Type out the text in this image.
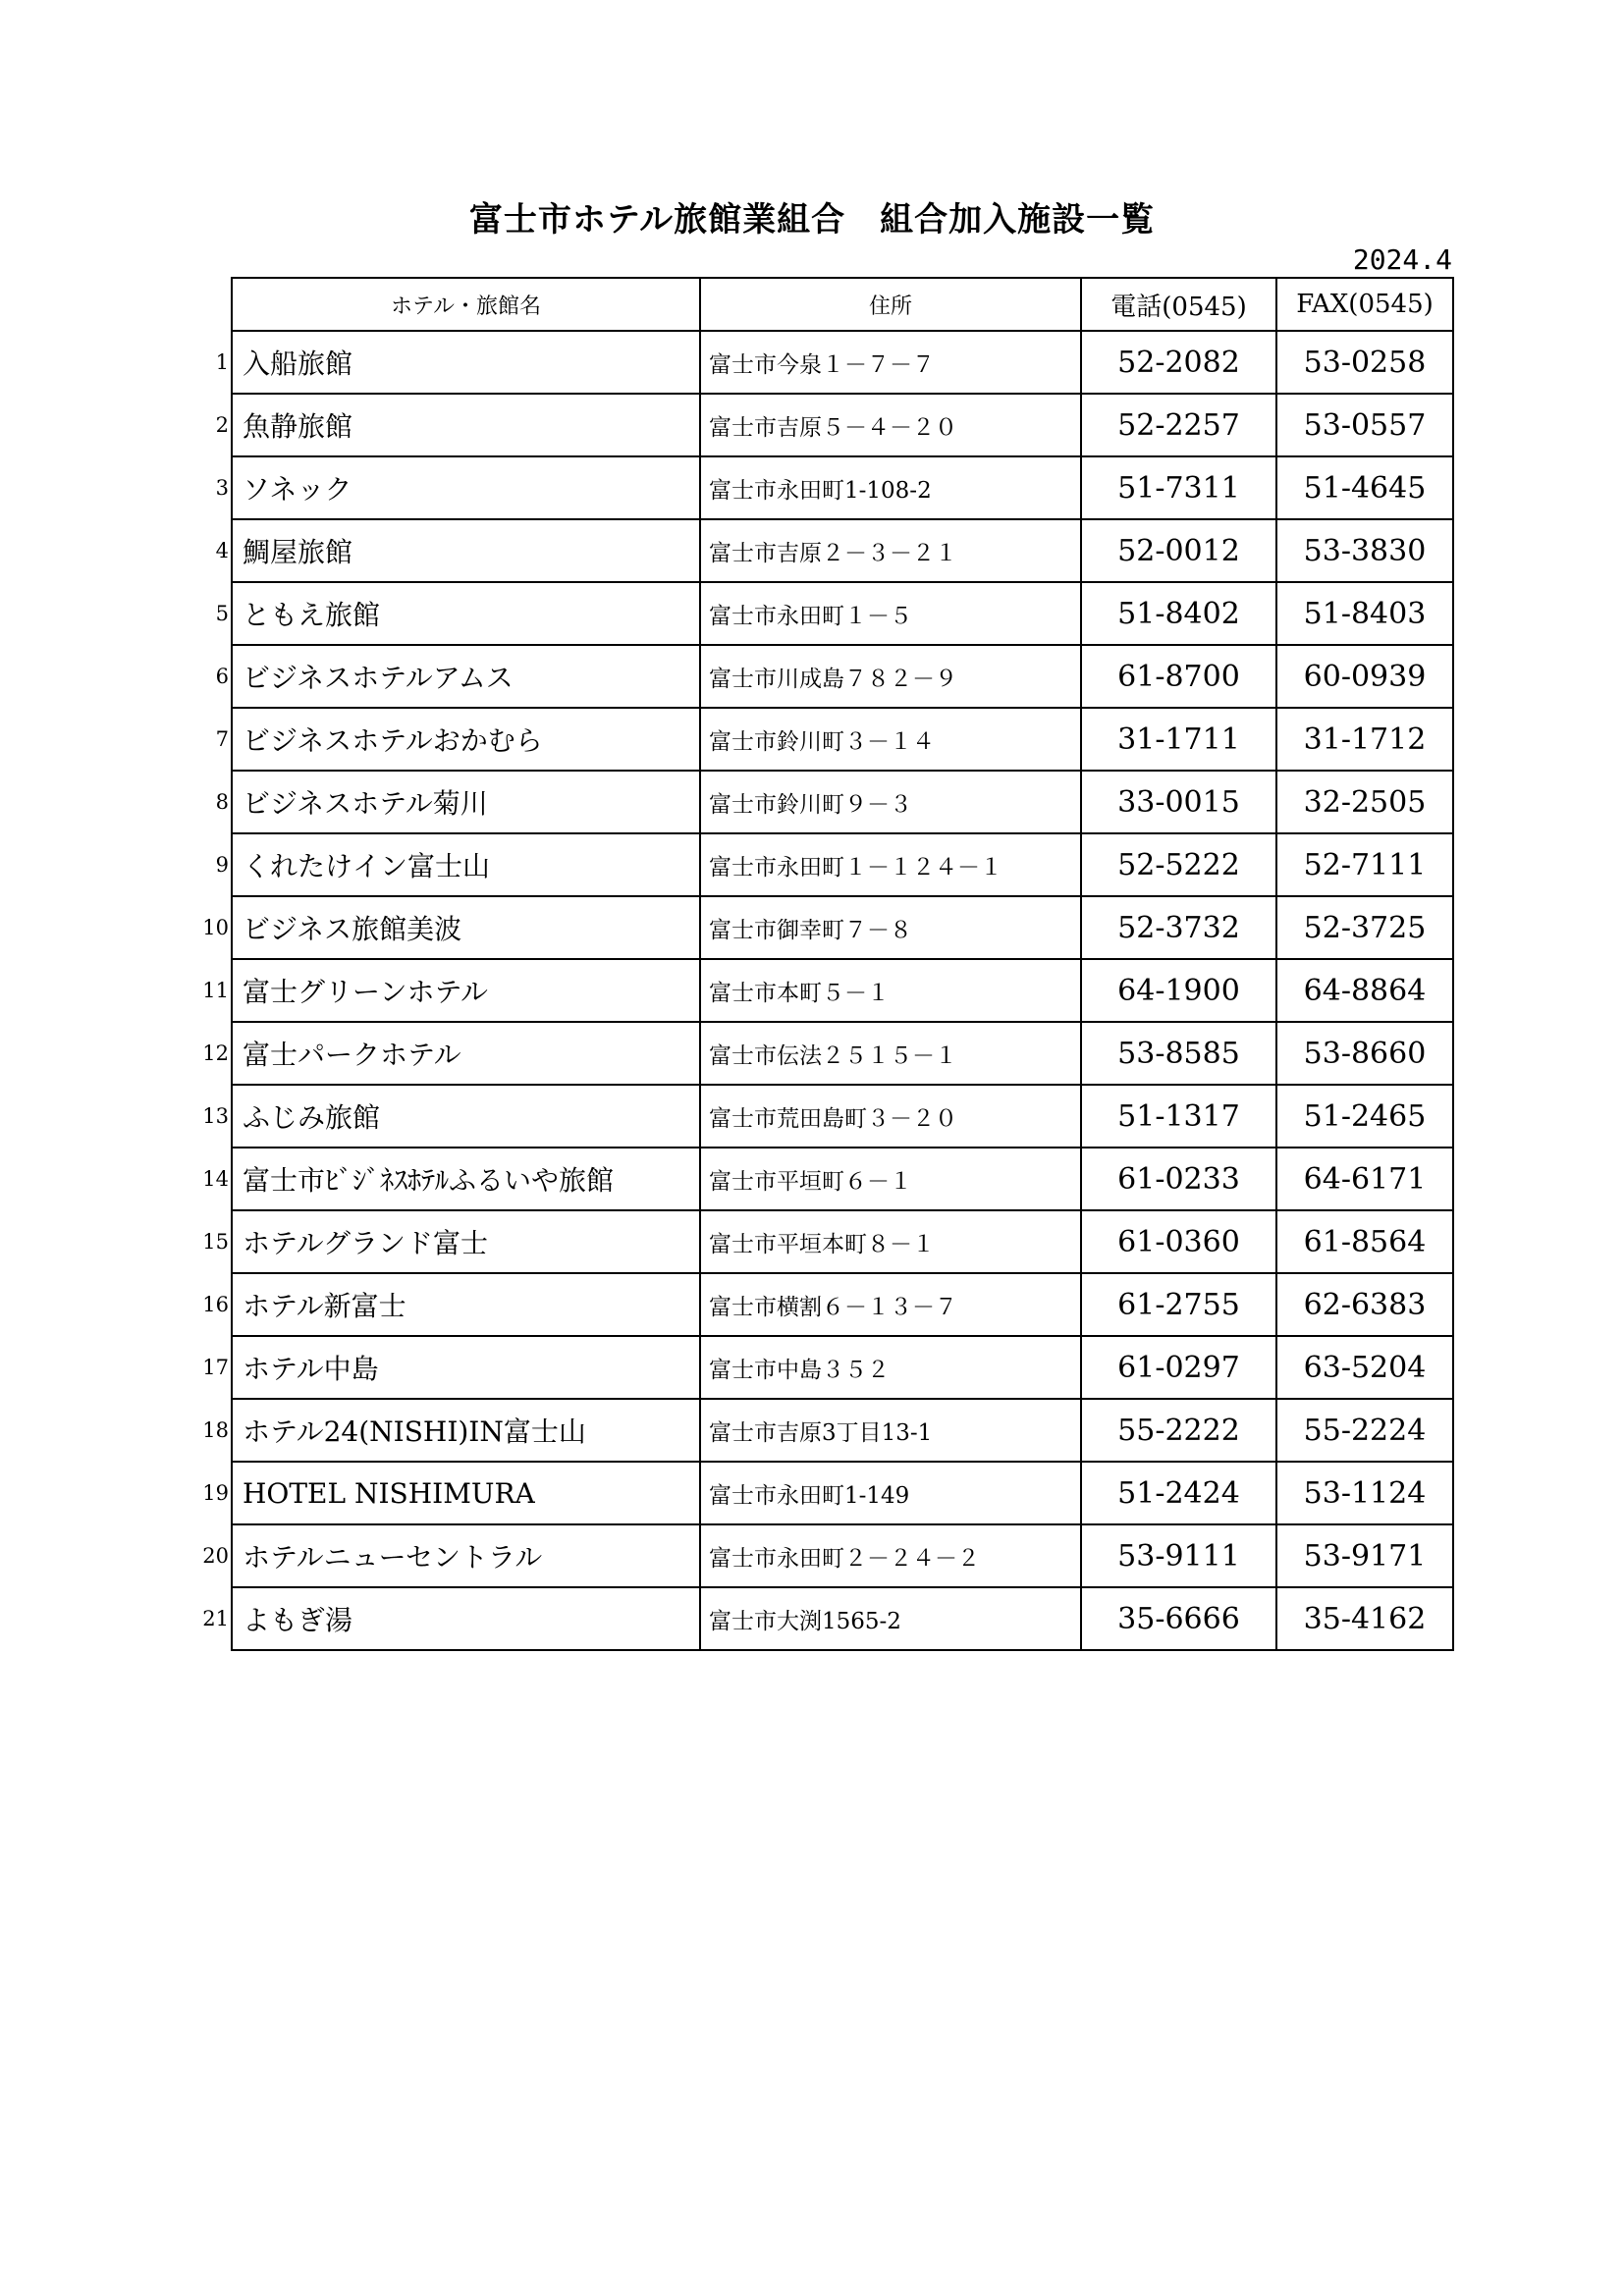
富士市ホテル旅館業組合　組合加入施設一覧
2024.4
ホテル・旅館名	住所	電話(0545)	FAX(0545)

1 入船旅館	富士市今泉１－７－７	52-2082	53-0258

2 魚静旅館	富士市吉原５－４－２０	52-2257	53-0557

3 ソネック	富士市永田町1-108-2	51-7311	51-4645

4 鯛屋旅館	富士市吉原２－３－２１	52-0012	53-3830

5 ともえ旅館	富士市永田町１－５	51-8402	51-8403

6 ビジネスホテルアムス	富士市川成島７８２－９	61-8700	60-0939

7 ビジネスホテルおかむら	富士市鈴川町３－１４	31-1711	31-1712

8 ビジネスホテル菊川	富士市鈴川町９－３	33-0015	32-2505

9 くれたけイン富士山	富士市永田町１－１２４－１	52-5222	52-7111

10 ビジネス旅館美波	富士市御幸町７－８	52-3732	52-3725

11 富士グリーンホテル	富士市本町５－１	64-1900	64-8864

12 富士パークホテル	富士市伝法２５１５－１	53-8585	53-8660

13 ふじみ旅館	富士市荒田島町３－２０	51-1317	51-2465

14 富士市ﾋﾞｼﾞﾈｽﾎﾃﾙふるいや旅館	富士市平垣町６－１	61-0233	64-6171

15 ホテルグランド富士	富士市平垣本町８－１	61-0360	61-8564

16 ホテル新富士	富士市横割６－１３－７	61-2755	62-6383

17 ホテル中島	富士市中島３５２	61-0297	63-5204

18 ホテル24(NISHI)IN富士山	富士市吉原3丁目13-1	55-2222	55-2224

19 HOTEL NISHIMURA	富士市永田町1-149	51-2424	53-1124

20 ホテルニューセントラル	富士市永田町２－２４－２	53-9111	53-9171

21 よもぎ湯	富士市大渕1565-2	35-6666	35-4162
